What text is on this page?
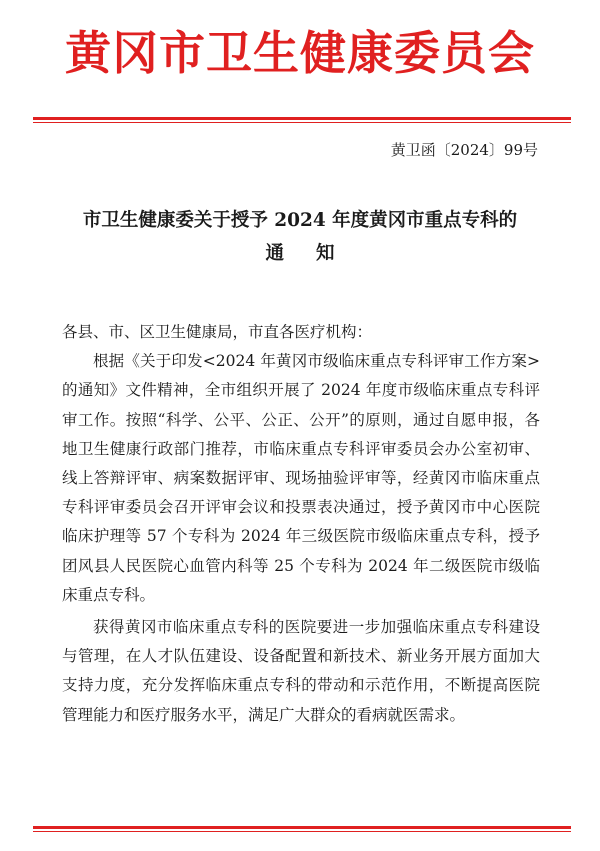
黄冈市卫生健康委员会
黄卫函〔2024〕99号
市卫生健康委关于授予 2024 年度黄冈市重点专科的
通知

各县、市、区卫生健康局，市直各医疗机构：

根据《关于印发<2024 年黄冈市级临床重点专科评审工作方案>的通知》文件精神，全市组织开展了 2024 年度市级临床重点专科评审工作。按照“科学、公平、公正、公开”的原则，通过自愿申报，各地卫生健康行政部门推荐，市临床重点专科评审委员会办公室初审、线上答辩评审、病案数据评审、现场抽验评审等，经黄冈市临床重点专科评审委员会召开评审会议和投票表决通过，授予黄冈市中心医院临床护理等 57 个专科为 2024 年三级医院市级临床重点专科，授予团风县人民医院心血管内科等 25 个专科为 2024 年二级医院市级临床重点专科。

获得黄冈市临床重点专科的医院要进一步加强临床重点专科建设与管理，在人才队伍建设、设备配置和新技术、新业务开展方面加大支持力度，充分发挥临床重点专科的带动和示范作用，不断提高医院管理能力和医疗服务水平，满足广大群众的看病就医需求。
